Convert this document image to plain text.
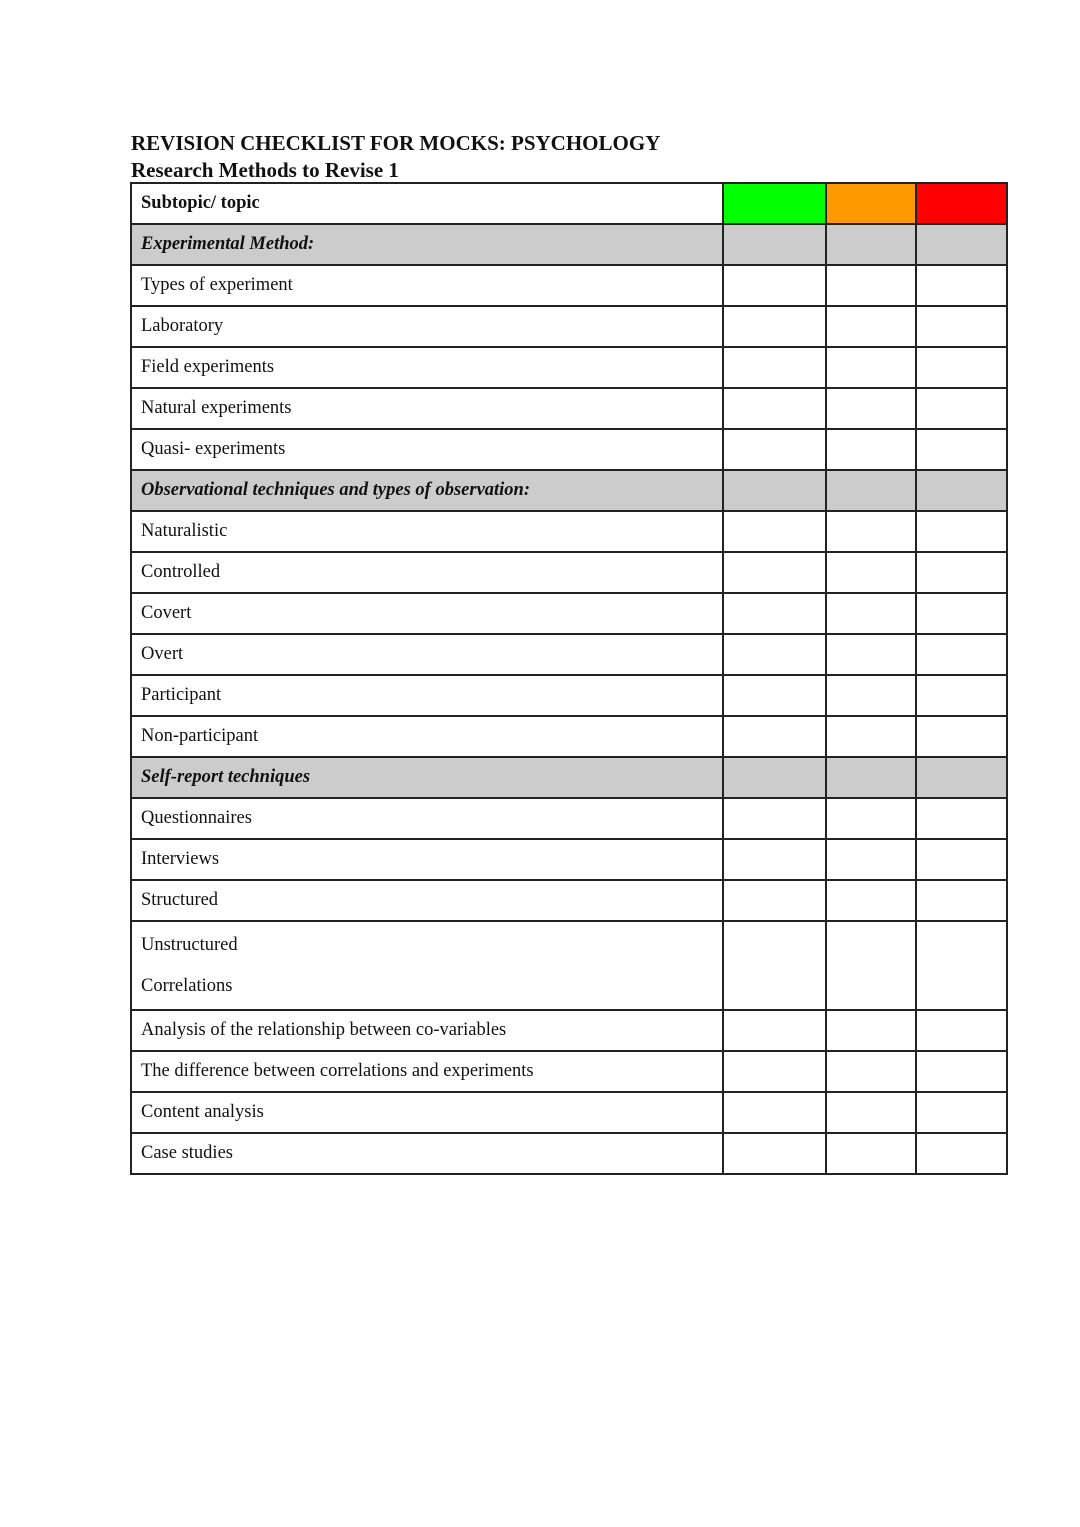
REVISION CHECKLIST FOR MOCKS: PSYCHOLOGY
Research Methods to Revise 1
Subtopic/ topic			
Experimental Method:			
Types of experiment			
Laboratory			
Field experiments			
Natural experiments			
Quasi- experiments			
Observational techniques and types of observation:			
Naturalistic			
Controlled			
Covert			
Overt			
Participant			
Non-participant			
Self-report techniques			
Questionnaires			
Interviews			
Structured			

Unstructured
Correlations			

Analysis of the relationship between co-variables			
The difference between correlations and experiments			
Content analysis			
Case studies			
